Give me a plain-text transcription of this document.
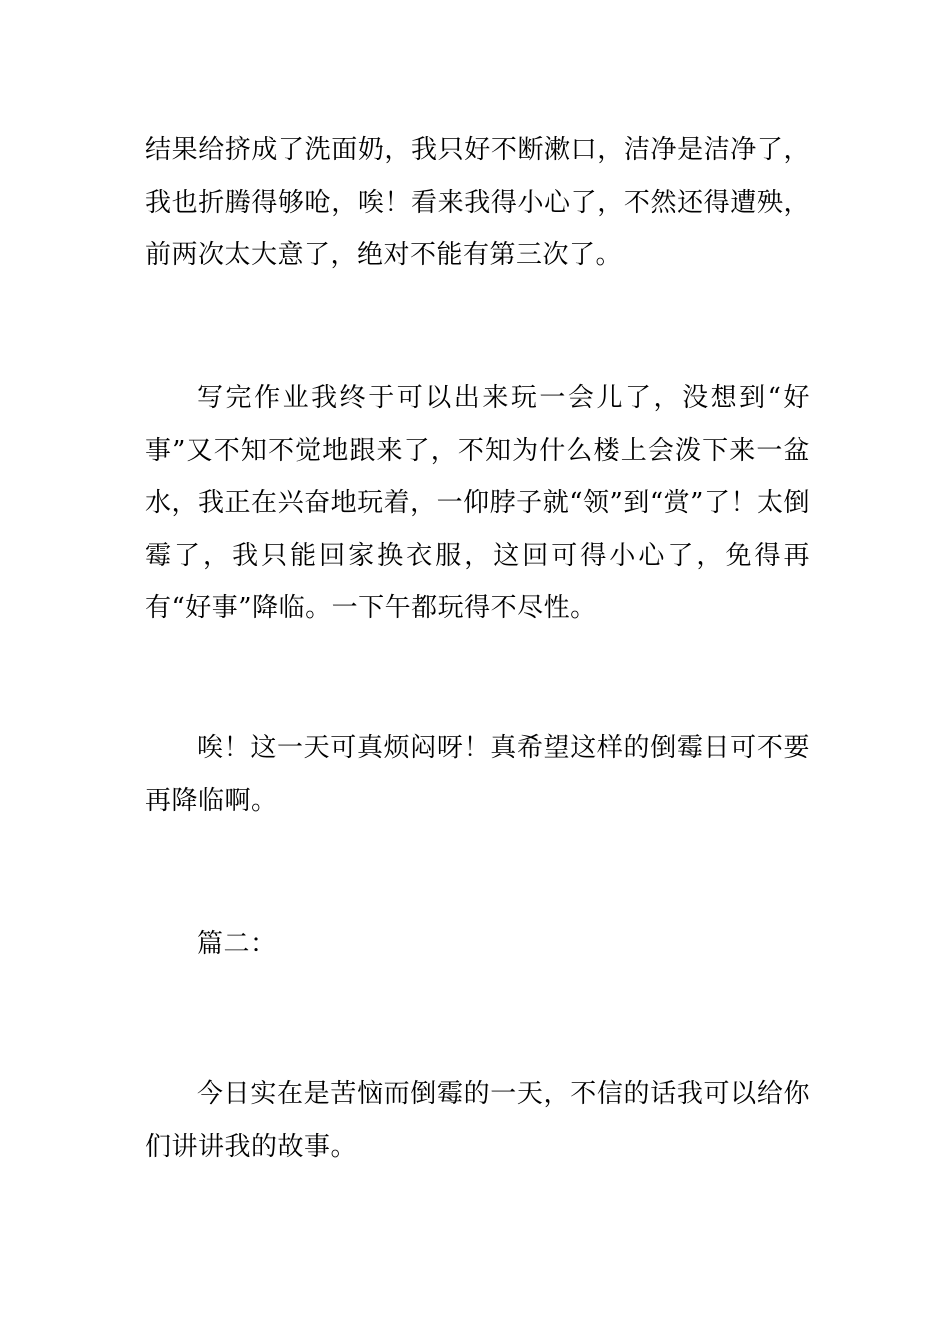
结果给挤成了洗面奶，我只好不断漱口，洁净是洁净了，我也折腾得够呛，唉！看来我得小心了，不然还得遭殃，前两次太大意了，绝对不能有第三次了。

写完作业我终于可以出来玩一会儿了，没想到“好事”又不知不觉地跟来了，不知为什么楼上会泼下来一盆水，我正在兴奋地玩着，一仰脖子就“领”到“赏”了！太倒霉了，我只能回家换衣服，这回可得小心了，免得再有“好事”降临。一下午都玩得不尽性。

唉！这一天可真烦闷呀！真希望这样的倒霉日可不要再降临啊。

篇二：

今日实在是苦恼而倒霉的一天，不信的话我可以给你们讲讲我的故事。
